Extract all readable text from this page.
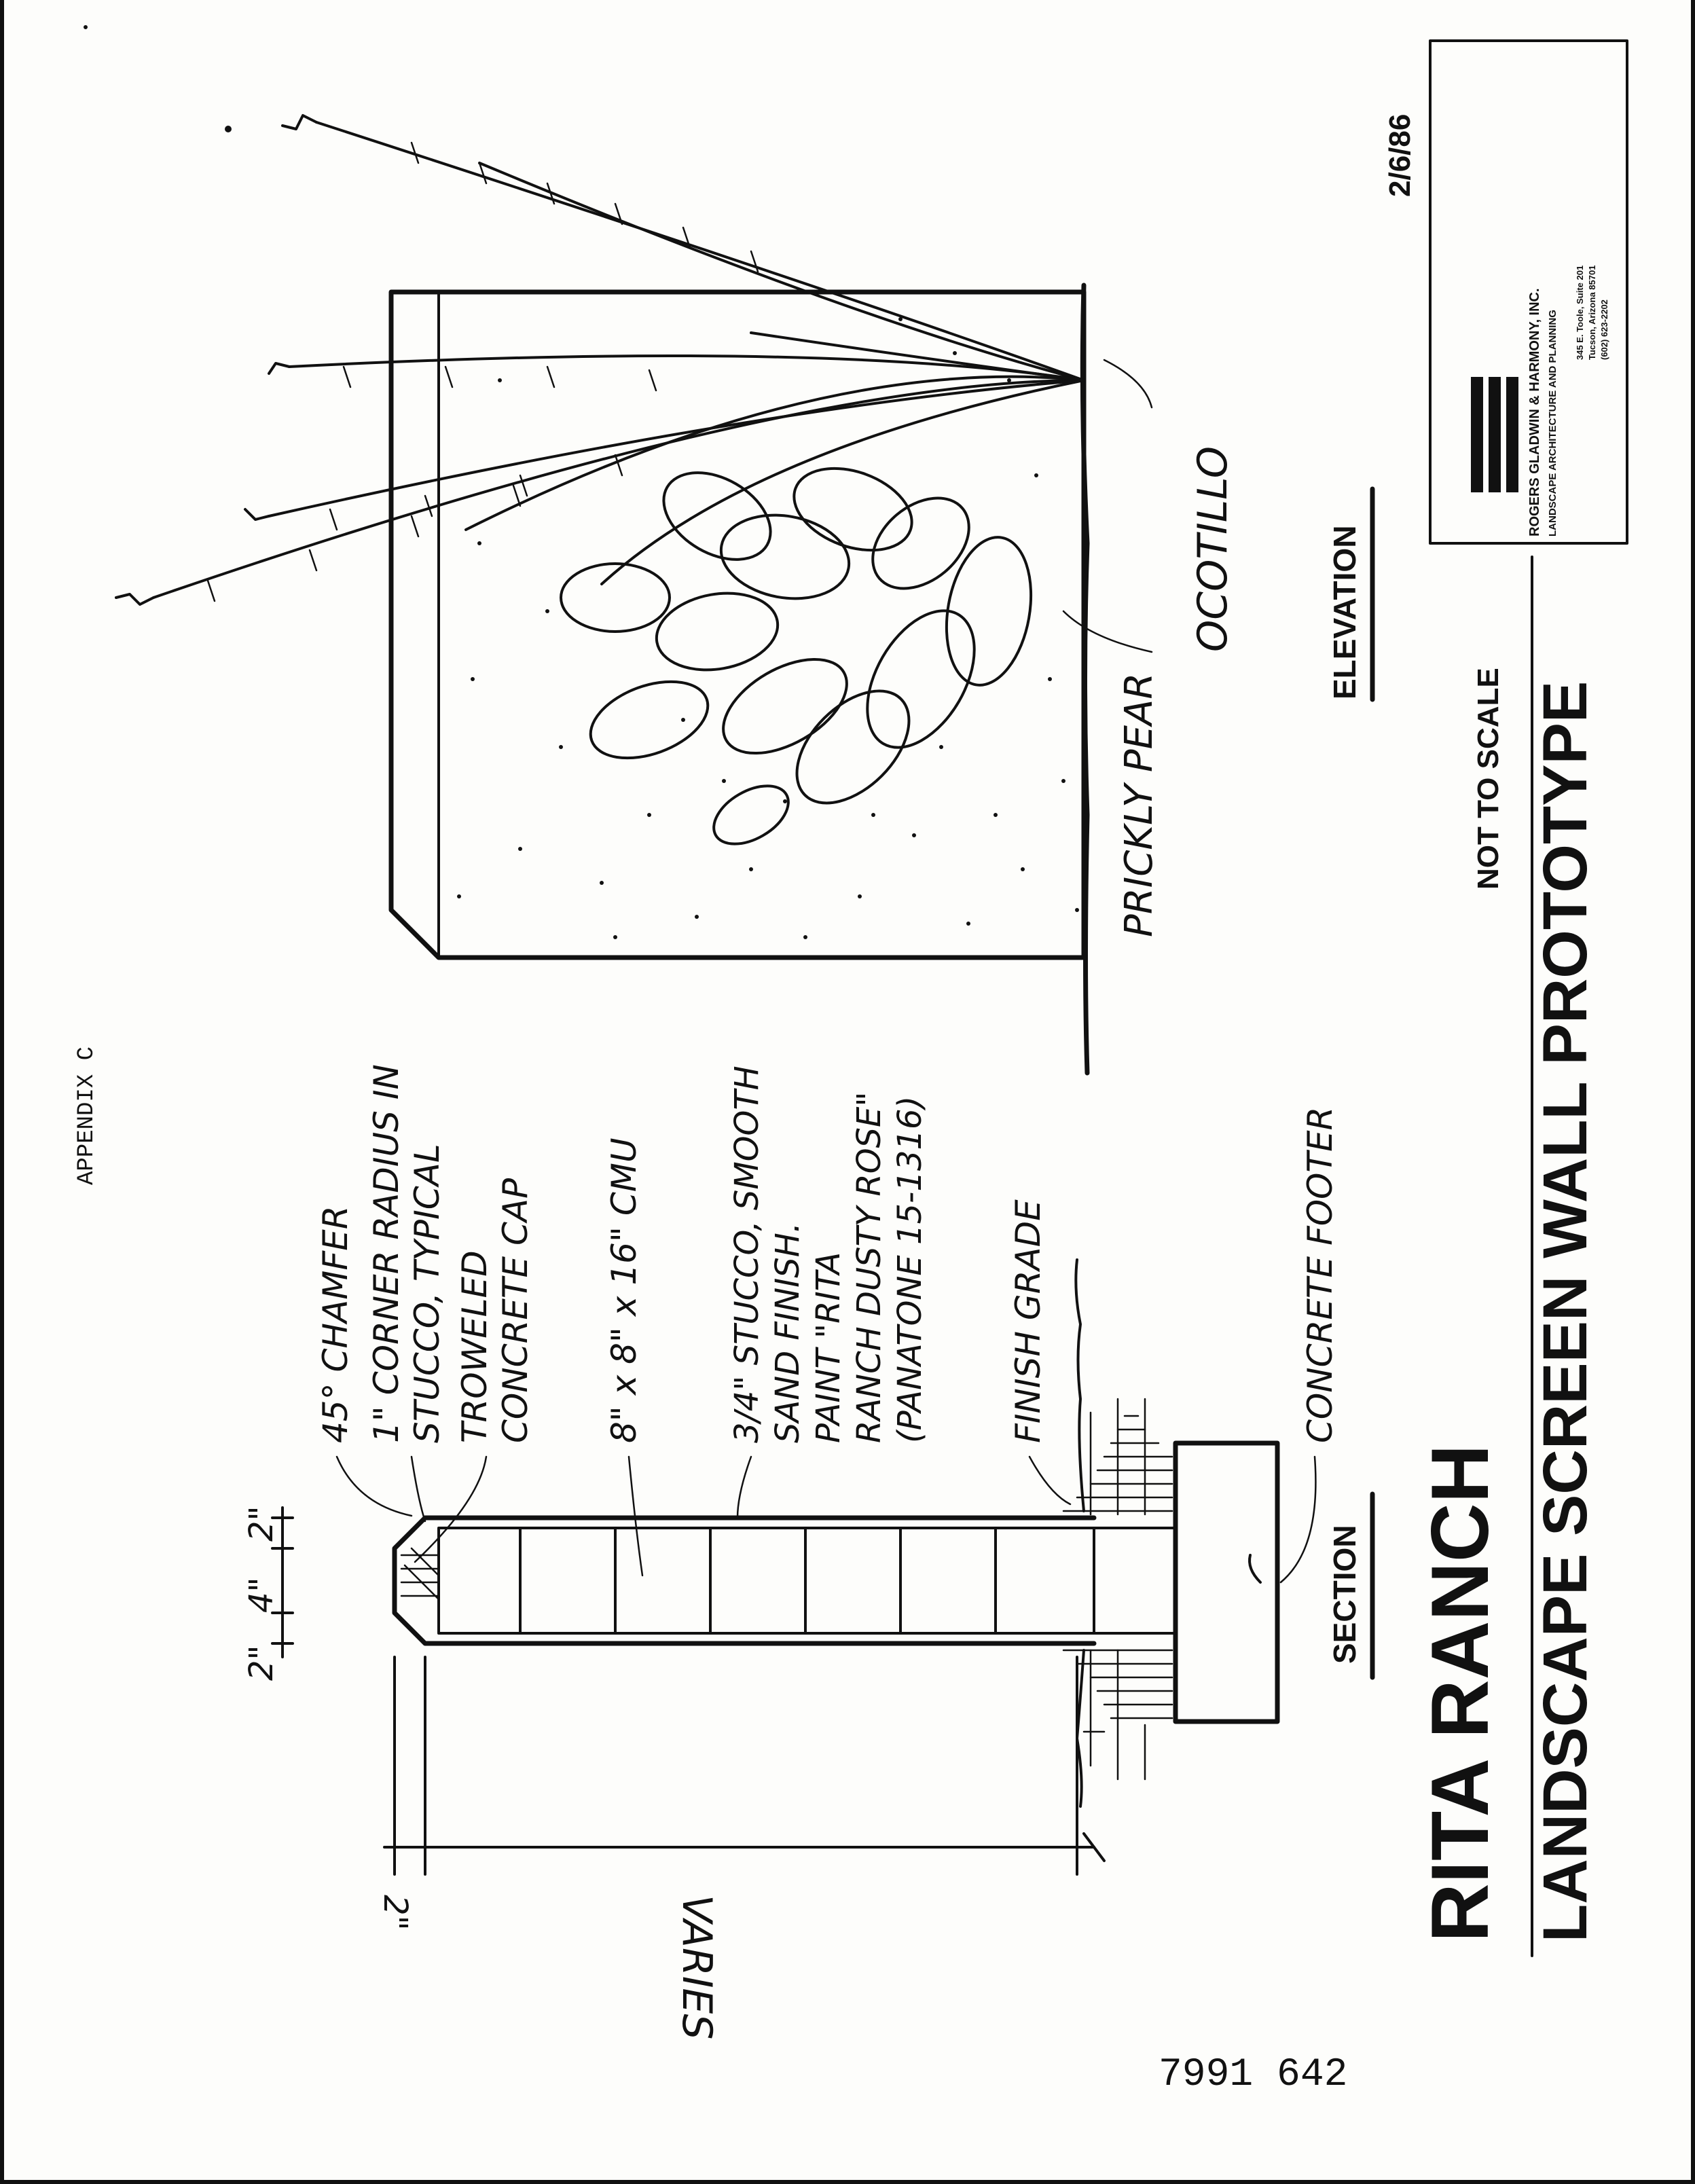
RITA RANCH LANDSCAPE SCREEN WALL PROTOTYPE
NOT TO SCALE
2/6/86
ROGERS GLADWIN & HARMONY, INC. LANDSCAPE ARCHITECTURE AND PLANNING 345 E. Toole, Suite 201 Tucson, Arizona 85701 (602) 623-2202
APPENDIX C
7991 642
2"
4"
2"
2"	VARIES
45° CHAMFER 1" CORNER RADIUS IN STUCCO, TYPICAL TROWELED CONCRETE CAP 8" x 8" x 16" CMU	3/4" STUCCO, SMOOTH SAND FINISH. PAINT "RITA RANCH DUSTY ROSE" (PANATONE 15-1316) FINISH GRADE	CONCRETE FOOTER
SECTION
PRICKLY PEAR
OCOTILLO	ELEVATION
